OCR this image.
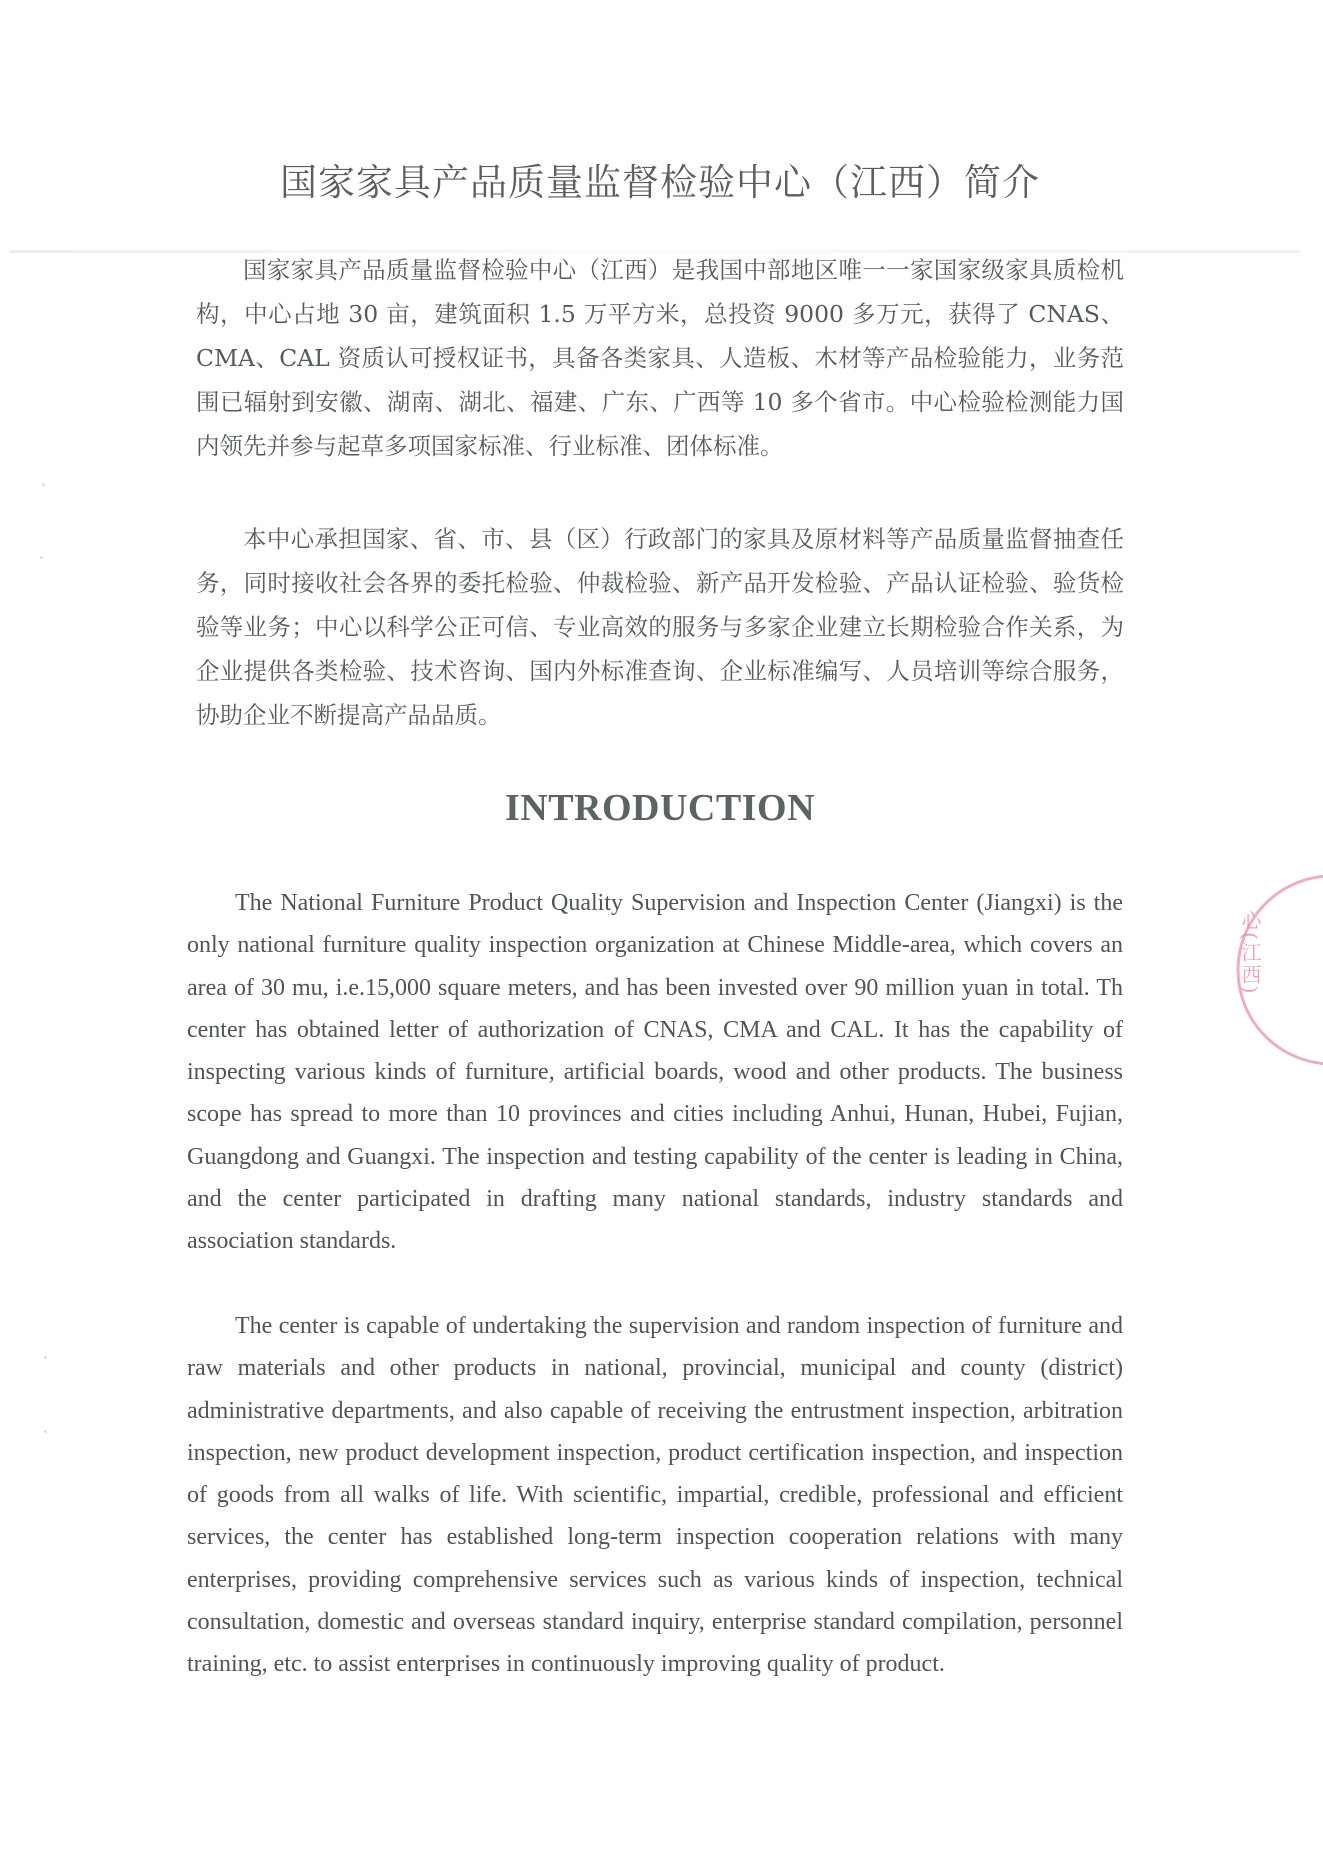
国家家具产品质量监督检验中心（江西）简介

国家家具产品质量监督检验中心（江西）是我国中部地区唯一一家国家级家具质检机构，中心占地 30 亩，建筑面积 1.5 万平方米，总投资 9000 多万元，获得了 CNAS、CMA、CAL 资质认可授权证书，具备各类家具、人造板、木材等产品检验能力，业务范围已辐射到安徽、湖南、湖北、福建、广东、广西等 10 多个省市。中心检验检测能力国内领先并参与起草多项国家标准、行业标准、团体标准。

本中心承担国家、省、市、县（区）行政部门的家具及原材料等产品质量监督抽查任务，同时接收社会各界的委托检验、仲裁检验、新产品开发检验、产品认证检验、验货检验等业务；中心以科学公正可信、专业高效的服务与多家企业建立长期检验合作关系，为企业提供各类检验、技术咨询、国内外标准查询、企业标准编写、人员培训等综合服务，协助企业不断提高产品品质。

INTRODUCTION

The National Furniture Product Quality Supervision and Inspection Center (Jiangxi) is the only national furniture quality inspection organization at Chinese Middle-area, which covers an area of 30 mu, i.e.15,000 square meters, and has been invested over 90 million yuan in total. Th center has obtained letter of authorization of CNAS, CMA and CAL. It has the capability of inspecting various kinds of furniture, artificial boards, wood and other products. The business scope has spread to more than 10 provinces and cities including Anhui, Hunan, Hubei, Fujian, Guangdong and Guangxi. The inspection and testing capability of the center is leading in China, and the center participated in drafting many national standards, industry standards and association standards.

The center is capable of undertaking the supervision and random inspection of furniture and raw materials and other products in national, provincial, municipal and county (district) administrative departments, and also capable of receiving the entrustment inspection, arbitration inspection, new product development inspection, product certification inspection, and inspection of goods from all walks of life. With scientific, impartial, credible, professional and efficient services, the center has established long-term inspection cooperation relations with many enterprises, providing comprehensive services such as various kinds of inspection, technical consultation, domestic and overseas standard inquiry, enterprise standard compilation, personnel training, etc. to assist enterprises in continuously improving quality of product.

心(江西)
